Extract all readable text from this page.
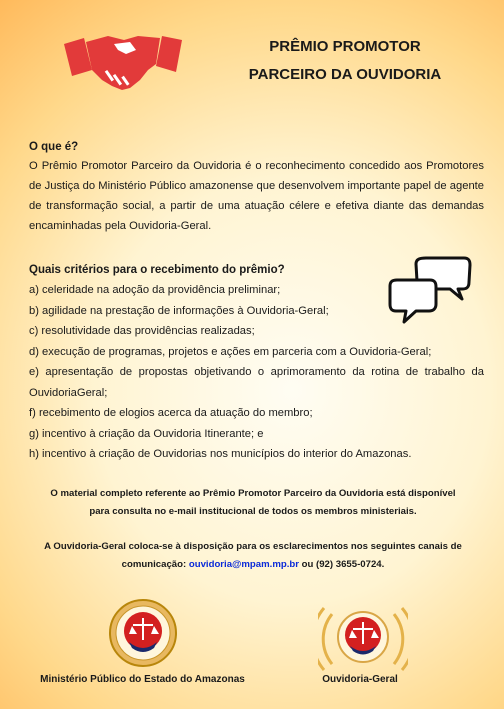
PRÊMIO PROMOTOR
PARCEIRO DA OUVIDORIA
O que é?

O Prêmio Promotor Parceiro da Ouvidoria é o reconhecimento concedido aos Promotores de Justiça do Ministério Público amazonense que desenvolvem importante papel de agente de transformação social, a partir de uma atuação célere e efetiva diante das demandas encaminhadas pela Ouvidoria-Geral.

Quais critérios para o recebimento do prêmio?
a) celeridade na adoção da providência preliminar;
b) agilidade na prestação de informações à Ouvidoria-Geral;
c) resolutividade das providências realizadas;
d) execução de programas, projetos e ações em parceria com a Ouvidoria-Geral;
e) apresentação de propostas objetivando o aprimoramento da rotina de trabalho da OuvidoriaGeral;
f) recebimento de elogios acerca da atuação do membro;
g) incentivo à criação da Ouvidoria Itinerante; e
h) incentivo à criação de Ouvidorias nos municípios do interior do Amazonas.
O material completo referente ao Prêmio Promotor Parceiro da Ouvidoria está disponível
para consulta no e-mail institucional de todos os membros ministeriais.
A Ouvidoria-Geral coloca-se à disposição para os esclarecimentos nos seguintes canais de
comunicação: ouvidoria@mpam.mp.br ou (92) 3655-0724.

Ministério Público do Estado do Amazonas	Ouvidoria-Geral
